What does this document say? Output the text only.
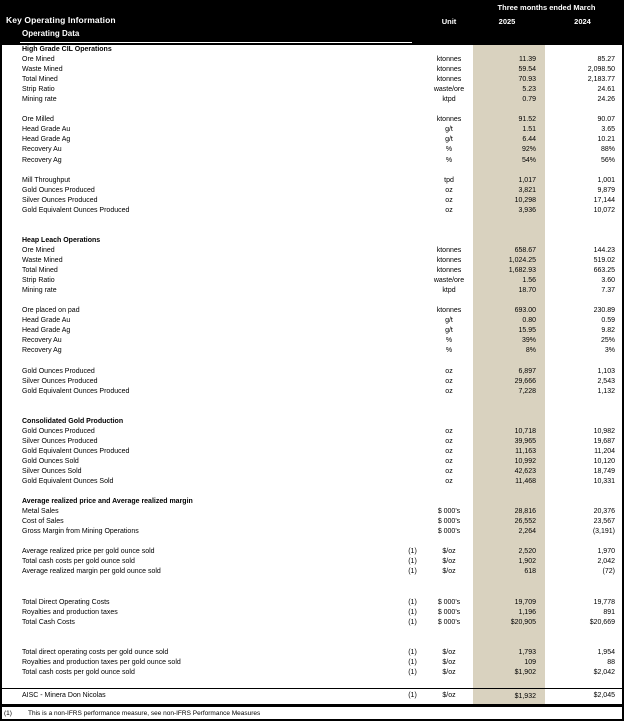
Key Operating Information
Operating Data
Three months ended March
Unit	2025	2024
High Grade CIL Operations
Ore Mined	ktonnes	11.39	85.27
Waste Mined	ktonnes	59.54	2,098.50
Total Mined	ktonnes	70.93	2,183.77
Strip Ratio	waste/ore	5.23	24.61
Mining rate	ktpd	0.79	24.26
Ore Milled	ktonnes	91.52	90.07
Head Grade Au	g/t	1.51	3.65
Head Grade Ag	g/t	6.44	10.21
Recovery Au	%	92%	88%
Recovery Ag	%	54%	56%
Mill Throughput	tpd	1,017	1,001
Gold Ounces Produced	oz	3,821	9,879
Silver Ounces Produced	oz	10,298	17,144
Gold Equivalent Ounces Produced	oz	3,936	10,072
Heap Leach Operations
Ore Mined	ktonnes	658.67	144.23
Waste Mined	ktonnes	1,024.25	519.02
Total Mined	ktonnes	1,682.93	663.25
Strip Ratio	waste/ore	1.56	3.60
Mining rate	ktpd	18.70	7.37
Ore placed on pad	ktonnes	693.00	230.89
Head Grade Au	g/t	0.80	0.59
Head Grade Ag	g/t	15.95	9.82
Recovery Au	%	39%	25%
Recovery Ag	%	8%	3%
Gold Ounces Produced	oz	6,897	1,103
Silver Ounces Produced	oz	29,666	2,543
Gold Equivalent Ounces Produced	oz	7,228	1,132
Consolidated Gold Production
Gold Ounces Produced	oz	10,718	10,982
Silver Ounces Produced	oz	39,965	19,687
Gold Equivalent Ounces Produced	oz	11,163	11,204
Gold Ounces Sold	oz	10,992	10,120
Silver Ounces Sold	oz	42,623	18,749
Gold Equivalent Ounces Sold	oz	11,468	10,331
Average realized price and Average realized margin
Metal Sales	$ 000's	28,816	20,376
Cost of Sales	$ 000's	26,552	23,567
Gross Margin from Mining Operations	$ 000's	2,264	(3,191)
Average realized price per gold ounce sold	(1)	$/oz	2,520	1,970
Total cash costs per gold ounce sold	(1)	$/oz	1,902	2,042
Average realized margin per gold ounce sold	(1)	$/oz	618	(72)
Total Direct Operating Costs	(1)	$ 000's	19,709	19,778
Royalties and production taxes	(1)	$ 000's	1,196	891
Total Cash Costs	(1)	$ 000's	$20,905	$20,669
Total direct operating costs per gold ounce sold	(1)	$/oz	1,793	1,954
Royalties and production taxes per gold ounce sold	(1)	$/oz	109	88
Total cash costs per gold ounce sold	(1)	$/oz	$1,902	$2,042
AISC - Minera Don Nicolas	(1)	$/oz	$1,932	$2,045
(1)	This is a non-IFRS performance measure, see non-IFRS Performance Measures
